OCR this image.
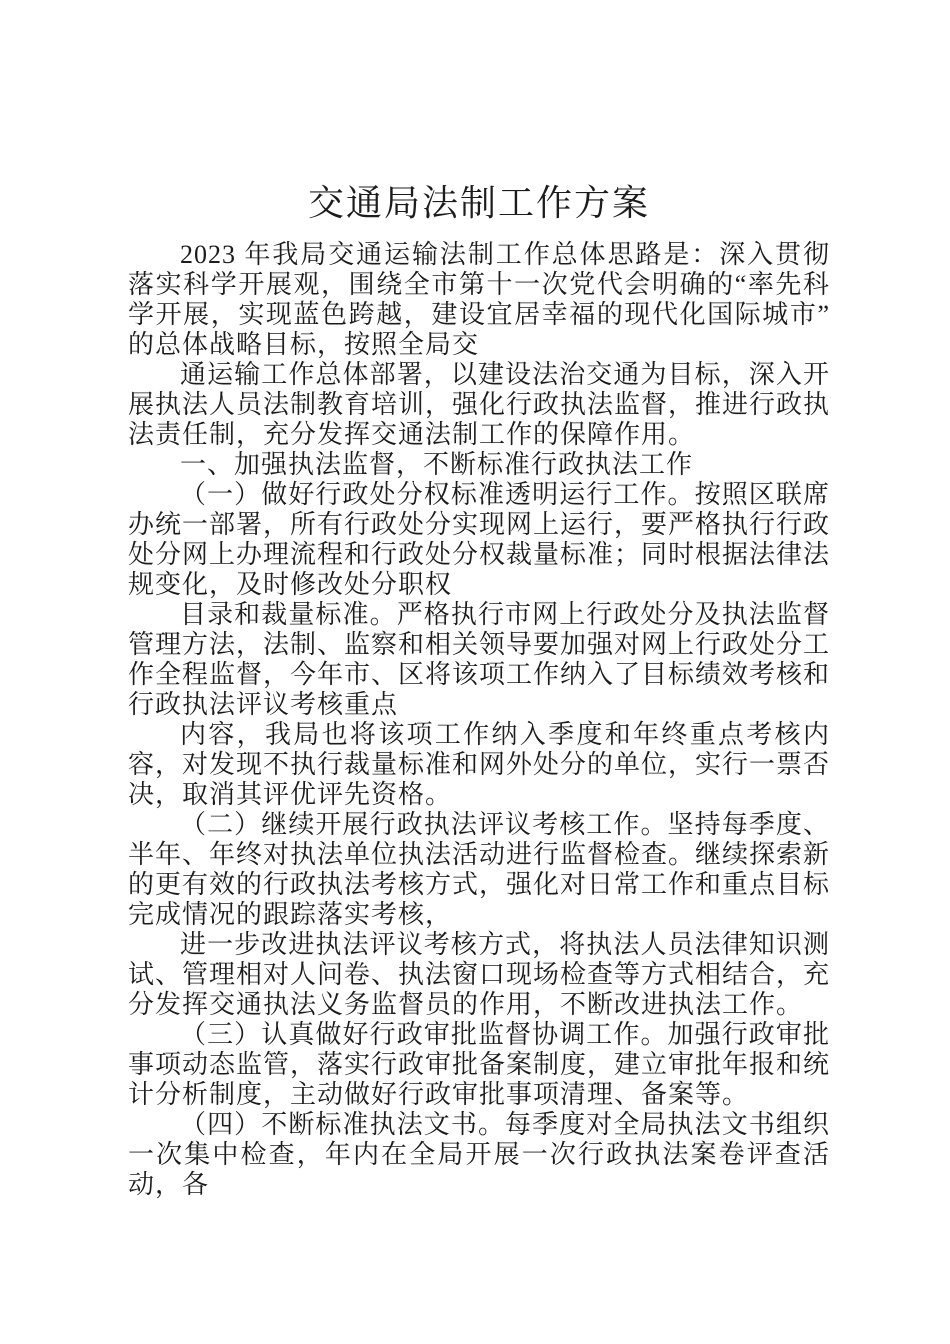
交通局法制工作方案

2023 年我局交通运输法制工作总体思路是：深入贯彻落实科学开展观，围绕全市第十一次党代会明确的“率先科学开展，实现蓝色跨越，建设宜居幸福的现代化国际城市”的总体战略目标，按照全局交

通运输工作总体部署，以建设法治交通为目标，深入开展执法人员法制教育培训，强化行政执法监督，推进行政执法责任制，充分发挥交通法制工作的保障作用。

一、加强执法监督，不断标准行政执法工作

（一）做好行政处分权标准透明运行工作。按照区联席办统一部署，所有行政处分实现网上运行，要严格执行行政处分网上办理流程和行政处分权裁量标准；同时根据法律法规变化，及时修改处分职权

目录和裁量标准。严格执行市网上行政处分及执法监督管理方法，法制、监察和相关领导要加强对网上行政处分工作全程监督，今年市、区将该项工作纳入了目标绩效考核和行政执法评议考核重点

内容，我局也将该项工作纳入季度和年终重点考核内容，对发现不执行裁量标准和网外处分的单位，实行一票否决，取消其评优评先资格。

（二）继续开展行政执法评议考核工作。坚持每季度、半年、年终对执法单位执法活动进行监督检查。继续探索新的更有效的行政执法考核方式，强化对日常工作和重点目标完成情况的跟踪落实考核，

进一步改进执法评议考核方式，将执法人员法律知识测试、管理相对人问卷、执法窗口现场检查等方式相结合，充分发挥交通执法义务监督员的作用，不断改进执法工作。

（三）认真做好行政审批监督协调工作。加强行政审批事项动态监管，落实行政审批备案制度，建立审批年报和统计分析制度，主动做好行政审批事项清理、备案等。

（四）不断标准执法文书。每季度对全局执法文书组织一次集中检查，年内在全局开展一次行政执法案卷评查活动，各
